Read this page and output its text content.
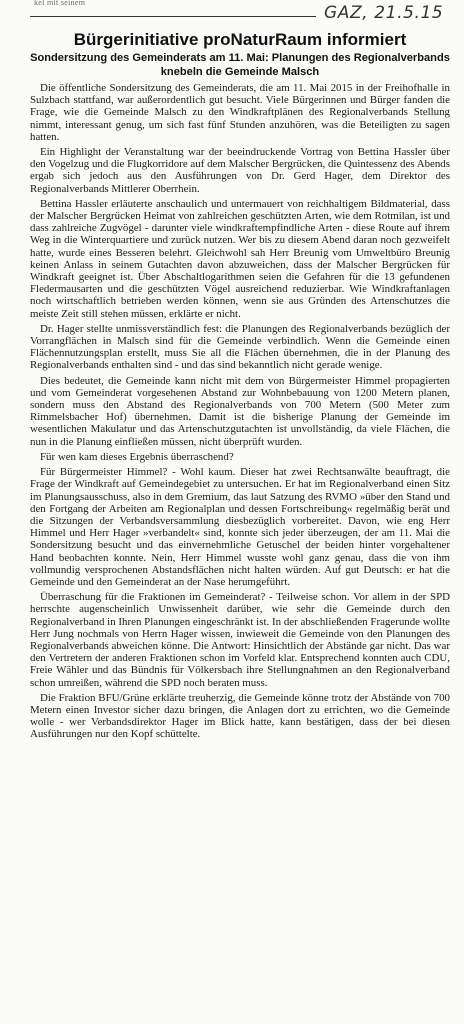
kel mit seinem
GAZ, 21.5.15
Bürgerinitiative proNaturRaum informiert
Sondersitzung des Gemeinderats am 11. Mai: Planungen des Regionalverbands knebeln die Gemeinde Malsch

Die öffentliche Sondersitzung des Gemeinderats, die am 11. Mai 2015 in der Freihofhalle in Sulzbach stattfand, war außerordentlich gut besucht. Viele Bürgerinnen und Bürger fanden die Frage, wie die Gemeinde Malsch zu den Windkraftplänen des Regionalverbands Stellung nimmt, interessant genug, um sich fast fünf Stunden anzuhören, was die Beteiligten zu sagen hatten.

Ein Highlight der Veranstaltung war der beeindruckende Vortrag von Bettina Hassler über den Vogelzug und die Flugkorridore auf dem Malscher Bergrücken, die Quintessenz des Abends ergab sich jedoch aus den Ausführungen von Dr. Gerd Hager, dem Direktor des Regionalverbands Mittlerer Oberrhein.

Bettina Hassler erläuterte anschaulich und untermauert von reichhaltigem Bildmaterial, dass der Malscher Bergrücken Heimat von zahlreichen geschützten Arten, wie dem Rotmilan, ist und dass zahlreiche Zugvögel - darunter viele windkraftempfindliche Arten - diese Route auf ihrem Weg in die Winterquartiere und zurück nutzen. Wer bis zu diesem Abend daran noch gezweifelt hatte, wurde eines Besseren belehrt. Gleichwohl sah Herr Breunig vom Umweltbüro Breunig keinen Anlass in seinem Gutachten davon abzuweichen, dass der Malscher Bergrücken für Windkraft geeignet ist. Über Abschaltlogarithmen seien die Gefahren für die 13 gefundenen Fledermausarten und die geschützten Vögel ausreichend reduzierbar. Wie Windkraftanlagen noch wirtschaftlich betrieben werden können, wenn sie aus Gründen des Artenschutzes die meiste Zeit still stehen müssen, erklärte er nicht.

Dr. Hager stellte unmissverständlich fest: die Planungen des Regionalverbands bezüglich der Vorrangflächen in Malsch sind für die Gemeinde verbindlich. Wenn die Gemeinde einen Flächennutzungsplan erstellt, muss Sie all die Flächen übernehmen, die in der Planung des Regionalverbands enthalten sind - und das sind bekanntlich nicht gerade wenige.

Dies bedeutet, die Gemeinde kann nicht mit dem von Bürgermeister Himmel propagierten und vom Gemeinderat vorgesehenen Abstand zur Wohnbebauung von 1200 Metern planen, sondern muss den Abstand des Regionalverbands von 700 Metern (500 Meter zum Rimmelsbacher Hof) übernehmen. Damit ist die bisherige Planung der Gemeinde im wesentlichen Makulatur und das Artenschutzgutachten ist unvollständig, da viele Flächen, die nun in die Planung einfließen müssen, nicht überprüft wurden.

Für wen kam dieses Ergebnis überraschend?

Für Bürgermeister Himmel? - Wohl kaum. Dieser hat zwei Rechtsanwälte beauftragt, die Frage der Windkraft auf Gemeindegebiet zu untersuchen. Er hat im Regionalverband einen Sitz im Planungsausschuss, also in dem Gremium, das laut Satzung des RVMO »über den Stand und den Fortgang der Arbeiten am Regionalplan und dessen Fortschreibung« regelmäßig berät und die Sitzungen der Verbandsversammlung diesbezüglich vorbereitet. Davon, wie eng Herr Himmel und Herr Hager »verbandelt« sind, konnte sich jeder überzeugen, der am 11. Mai die Sondersitzung besucht und das einvernehmliche Getuschel der beiden hinter vorgehaltener Hand beobachten konnte. Nein, Herr Himmel wusste wohl ganz genau, dass die von ihm vollmundig versprochenen Abstandsflächen nicht halten würden. Auf gut Deutsch: er hat die Gemeinde und den Gemeinderat an der Nase herumgeführt.

Überraschung für die Fraktionen im Gemeinderat? - Teilweise schon. Vor allem in der SPD herrschte augenscheinlich Unwissenheit darüber, wie sehr die Gemeinde durch den Regionalverband in Ihren Planungen eingeschränkt ist. In der abschließenden Fragerunde wollte Herr Jung nochmals von Herrn Hager wissen, inwieweit die Gemeinde von den Planungen des Regionalverbands abweichen könne. Die Antwort: Hinsichtlich der Abstände gar nicht. Das war den Vertretern der anderen Fraktionen schon im Vorfeld klar. Entsprechend konnten auch CDU, Freie Wähler und das Bündnis für Völkersbach ihre Stellungnahmen an den Regionalverband schon umreißen, während die SPD noch beraten muss.

Die Fraktion BFU/Grüne erklärte treuherzig, die Gemeinde könne trotz der Abstände von 700 Metern einen Investor sicher dazu bringen, die Anlagen dort zu errichten, wo die Gemeinde wolle - wer Verbandsdirektor Hager im Blick hatte, kann bestätigen, dass der bei diesen Ausführungen nur den Kopf schüttelte.
